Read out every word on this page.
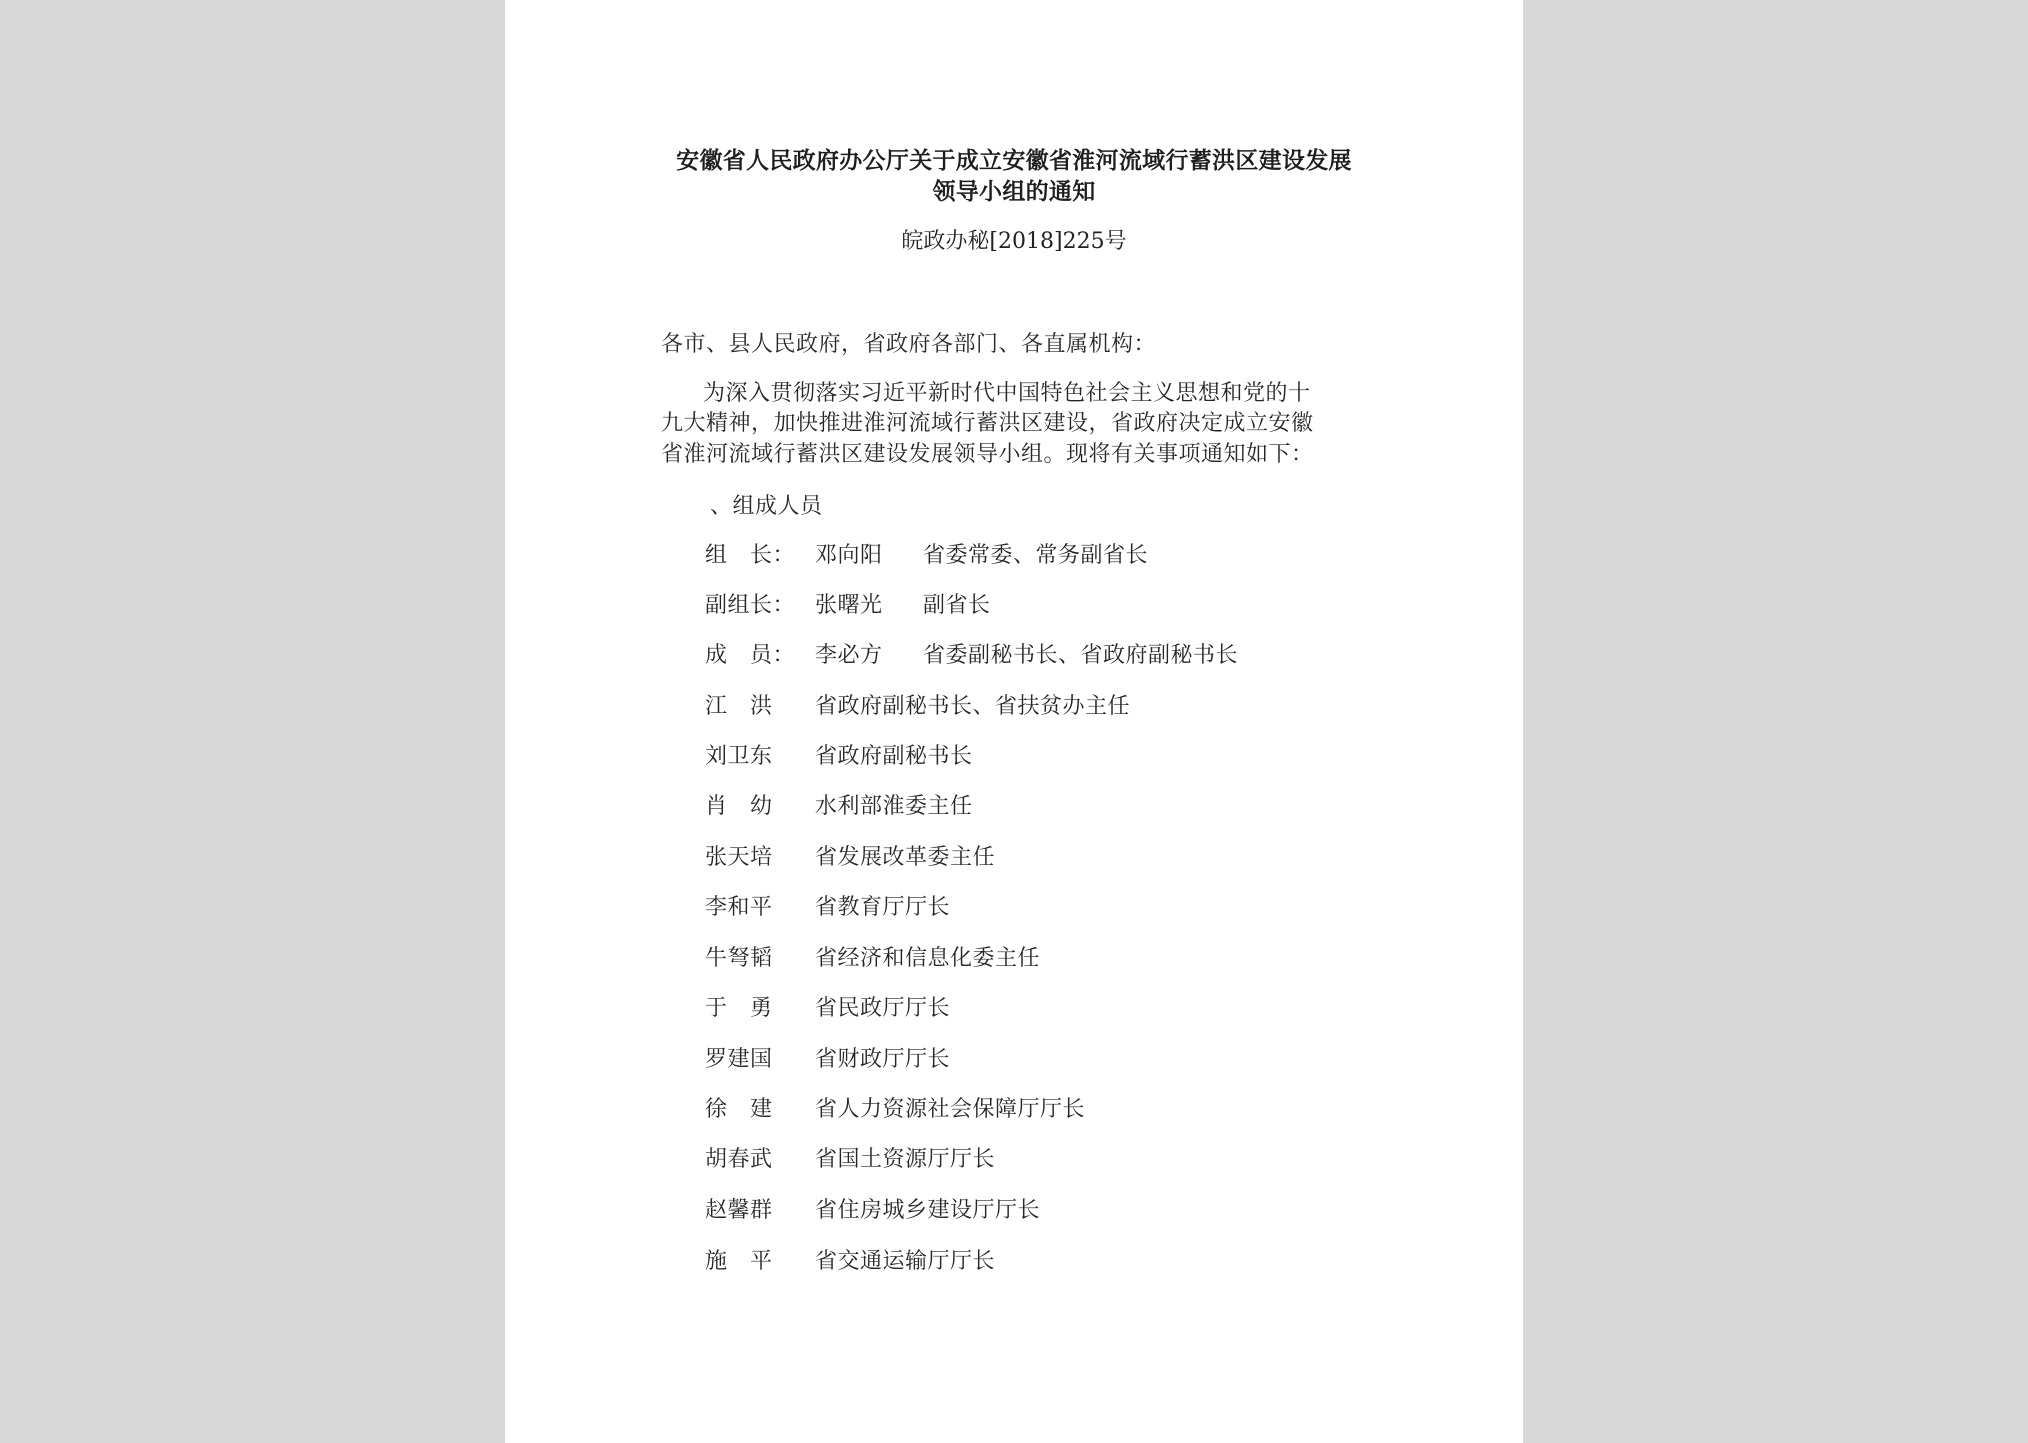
安徽省人民政府办公厅关于成立安徽省淮河流域行蓄洪区建设发展
领导小组的通知
皖政办秘[2018]225号
各市、县人民政府，省政府各部门、各直属机构：
为深入贯彻落实习近平新时代中国特色社会主义思想和党的十
九大精神，加快推进淮河流域行蓄洪区建设，省政府决定成立安徽
省淮河流域行蓄洪区建设发展领导小组。现将有关事项通知如下：
、组成人员
组　长： 邓向阳 省委常委、常务副省长
副组长： 张曙光 副省长
成　员： 李必方 省委副秘书长、省政府副秘书长
江　洪 省政府副秘书长、省扶贫办主任
刘卫东 省政府副秘书长
肖　幼 水利部淮委主任
张天培 省发展改革委主任
李和平 省教育厅厅长
牛弩韬 省经济和信息化委主任
于　勇 省民政厅厅长
罗建国 省财政厅厅长
徐　建 省人力资源社会保障厅厅长
胡春武 省国土资源厅厅长
赵馨群 省住房城乡建设厅厅长
施　平 省交通运输厅厅长
